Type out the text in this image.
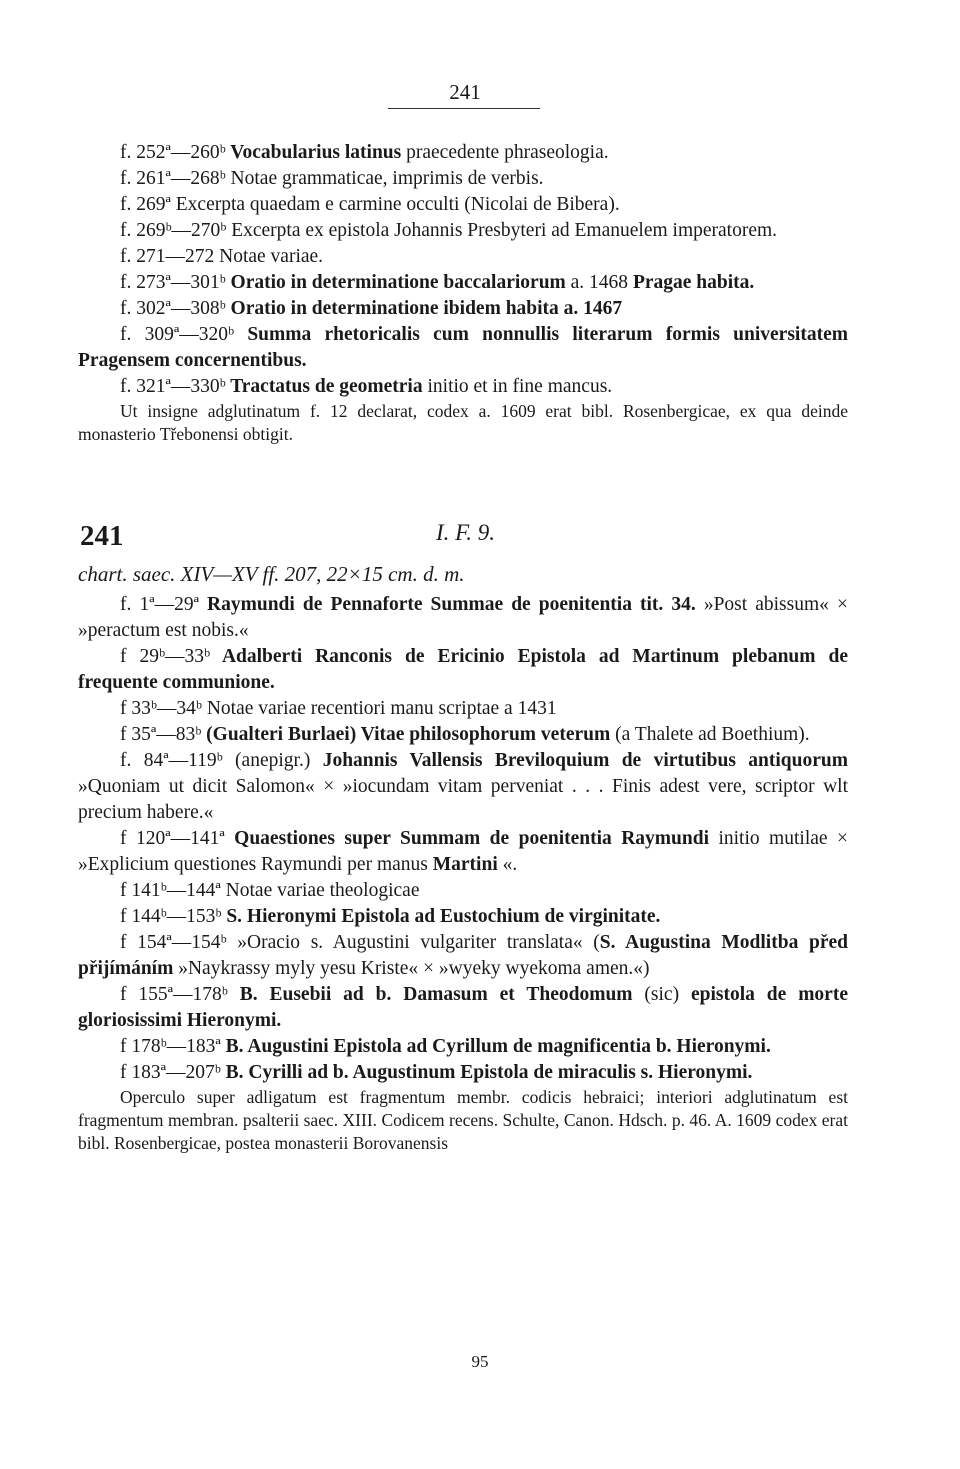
241

f. 252ª—260ᵇ Vocabularius latinus praecedente phraseologia.

f. 261ª—268ᵇ Notae grammaticae, imprimis de verbis.

f. 269ª Excerpta quaedam e carmine occulti (Nicolai de Bibera).

f. 269ᵇ—270ᵇ Excerpta ex epistola Johannis Presbyteri ad Emanuelem imperatorem.

f. 271—272 Notae variae.

f. 273ª—301ᵇ Oratio in determinatione baccalariorum a. 1468 Pragae habita.

f. 302ª—308ᵇ Oratio in determinatione ibidem habita a. 1467

f. 309ª—320ᵇ Summa rhetoricalis cum nonnullis literarum formis universitatem Pragensem concernentibus.

f. 321ª—330ᵇ Tractatus de geometria initio et in fine mancus.

Ut insigne adglutinatum f. 12 declarat, codex a. 1609 erat bibl. Rosenbergicae, ex qua deinde monasterio Třebonensi obtigit.

241	I. F. 9.
chart. saec. XIV—XV ff. 207, 22×15 cm. d. m.

f. 1ª—29ª Raymundi de Pennaforte Summae de poenitentia tit. 34. »Post abissum« × »peractum est nobis.«

f 29ᵇ—33ᵇ Adalberti Ranconis de Ericinio Epistola ad Martinum plebanum de frequente communione.

f 33ᵇ—34ᵇ Notae variae recentiori manu scriptae a 1431

f 35ª—83ᵇ (Gualteri Burlaei) Vitae philosophorum veterum (a Thalete ad Boethium).

f. 84ª—119ᵇ (anepigr.) Johannis Vallensis Breviloquium de virtutibus antiquorum »Quoniam ut dicit Salomon« × »iocundam vitam perveniat . . . Finis adest vere, scriptor wlt precium habere.«

f 120ª—141ª Quaestiones super Summam de poenitentia Raymundi initio mutilae × »Explicium questiones Raymundi per manus Martini «.

f 141ᵇ—144ª Notae variae theologicae

f 144ᵇ—153ᵇ S. Hieronymi Epistola ad Eustochium de virginitate.

f 154ª—154ᵇ »Oracio s. Augustini vulgariter translata« (S. Augustina Modlitba před přijímáním »Naykrassy myly yesu Kriste« × »wyeky wyekoma amen.«)

f 155ª—178ᵇ B. Eusebii ad b. Damasum et Theodomum (sic) epistola de morte gloriosissimi Hieronymi.

f 178ᵇ—183ª B. Augustini Epistola ad Cyrillum de magnificentia b. Hieronymi.

f 183ª—207ᵇ B. Cyrilli ad b. Augustinum Epistola de miraculis s. Hieronymi.

Operculo super adligatum est fragmentum membr. codicis hebraici; interiori adglutinatum est fragmentum membran. psalterii saec. XIII. Codicem recens. Schulte, Canon. Hdsch. p. 46. A. 1609 codex erat bibl. Rosenbergicae, postea monasterii Borovanensis

95
